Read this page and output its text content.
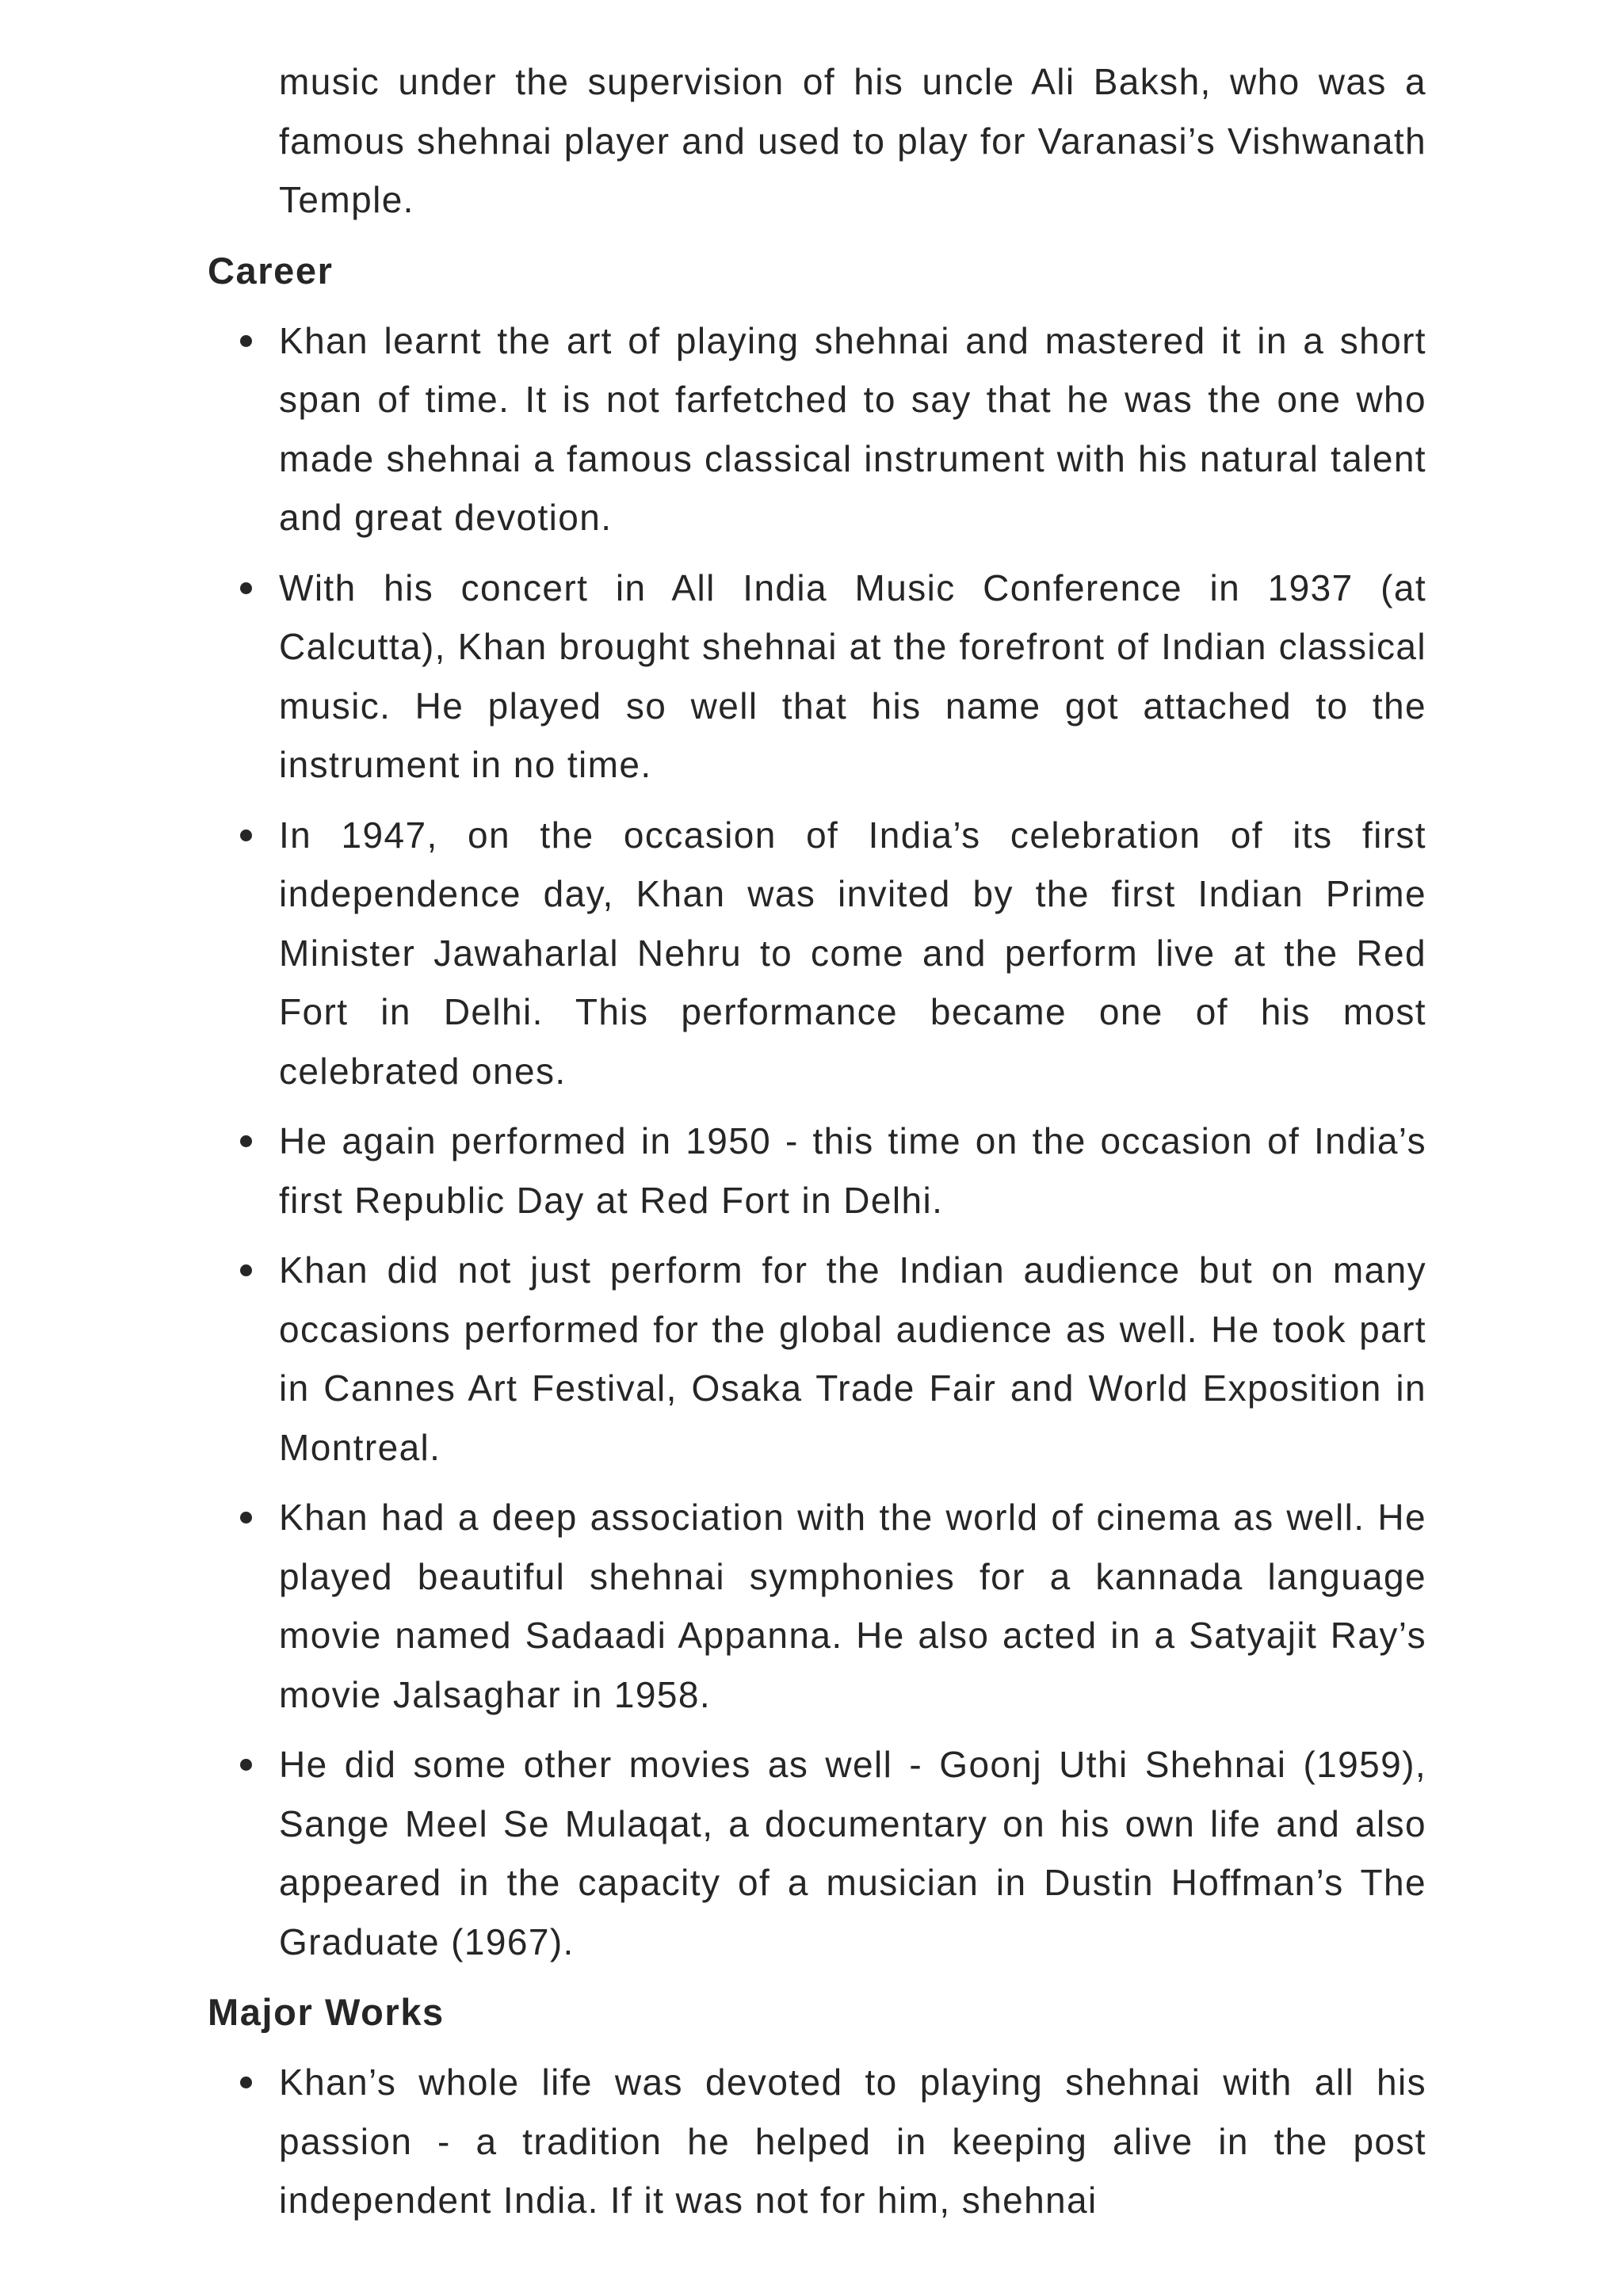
music under the supervision of his uncle Ali Baksh, who was a famous shehnai player and used to play for Varanasi’s Vishwanath Temple.

Career
Khan learnt the art of playing shehnai and mastered it in a short span of time. It is not farfetched to say that he was the one who made shehnai a famous classical instrument with his natural talent and great devotion.
With his concert in All India Music Conference in 1937 (at Calcutta), Khan brought shehnai at the forefront of Indian classical music. He played so well that his name got attached to the instrument in no time.
In 1947, on the occasion of India’s celebration of its first independence day, Khan was invited by the first Indian Prime Minister Jawaharlal Nehru to come and perform live at the Red Fort in Delhi. This performance became one of his most celebrated ones.
He again performed in 1950 - this time on the occasion of India’s first Republic Day at Red Fort in Delhi.
Khan did not just perform for the Indian audience but on many occasions performed for the global audience as well. He took part in Cannes Art Festival, Osaka Trade Fair and World Exposition in Montreal.
Khan had a deep association with the world of cinema as well. He played beautiful shehnai symphonies for a kannada language movie named Sadaadi Appanna. He also acted in a Satyajit Ray’s movie Jalsaghar in 1958.
He did some other movies as well - Goonj Uthi Shehnai (1959), Sange Meel Se Mulaqat, a documentary on his own life and also appeared in the capacity of a musician in Dustin Hoffman’s The Graduate (1967).
Major Works
Khan’s whole life was devoted to playing shehnai with all his passion - a tradition he helped in keeping alive in the post independent India. If it was not for him, shehnai
